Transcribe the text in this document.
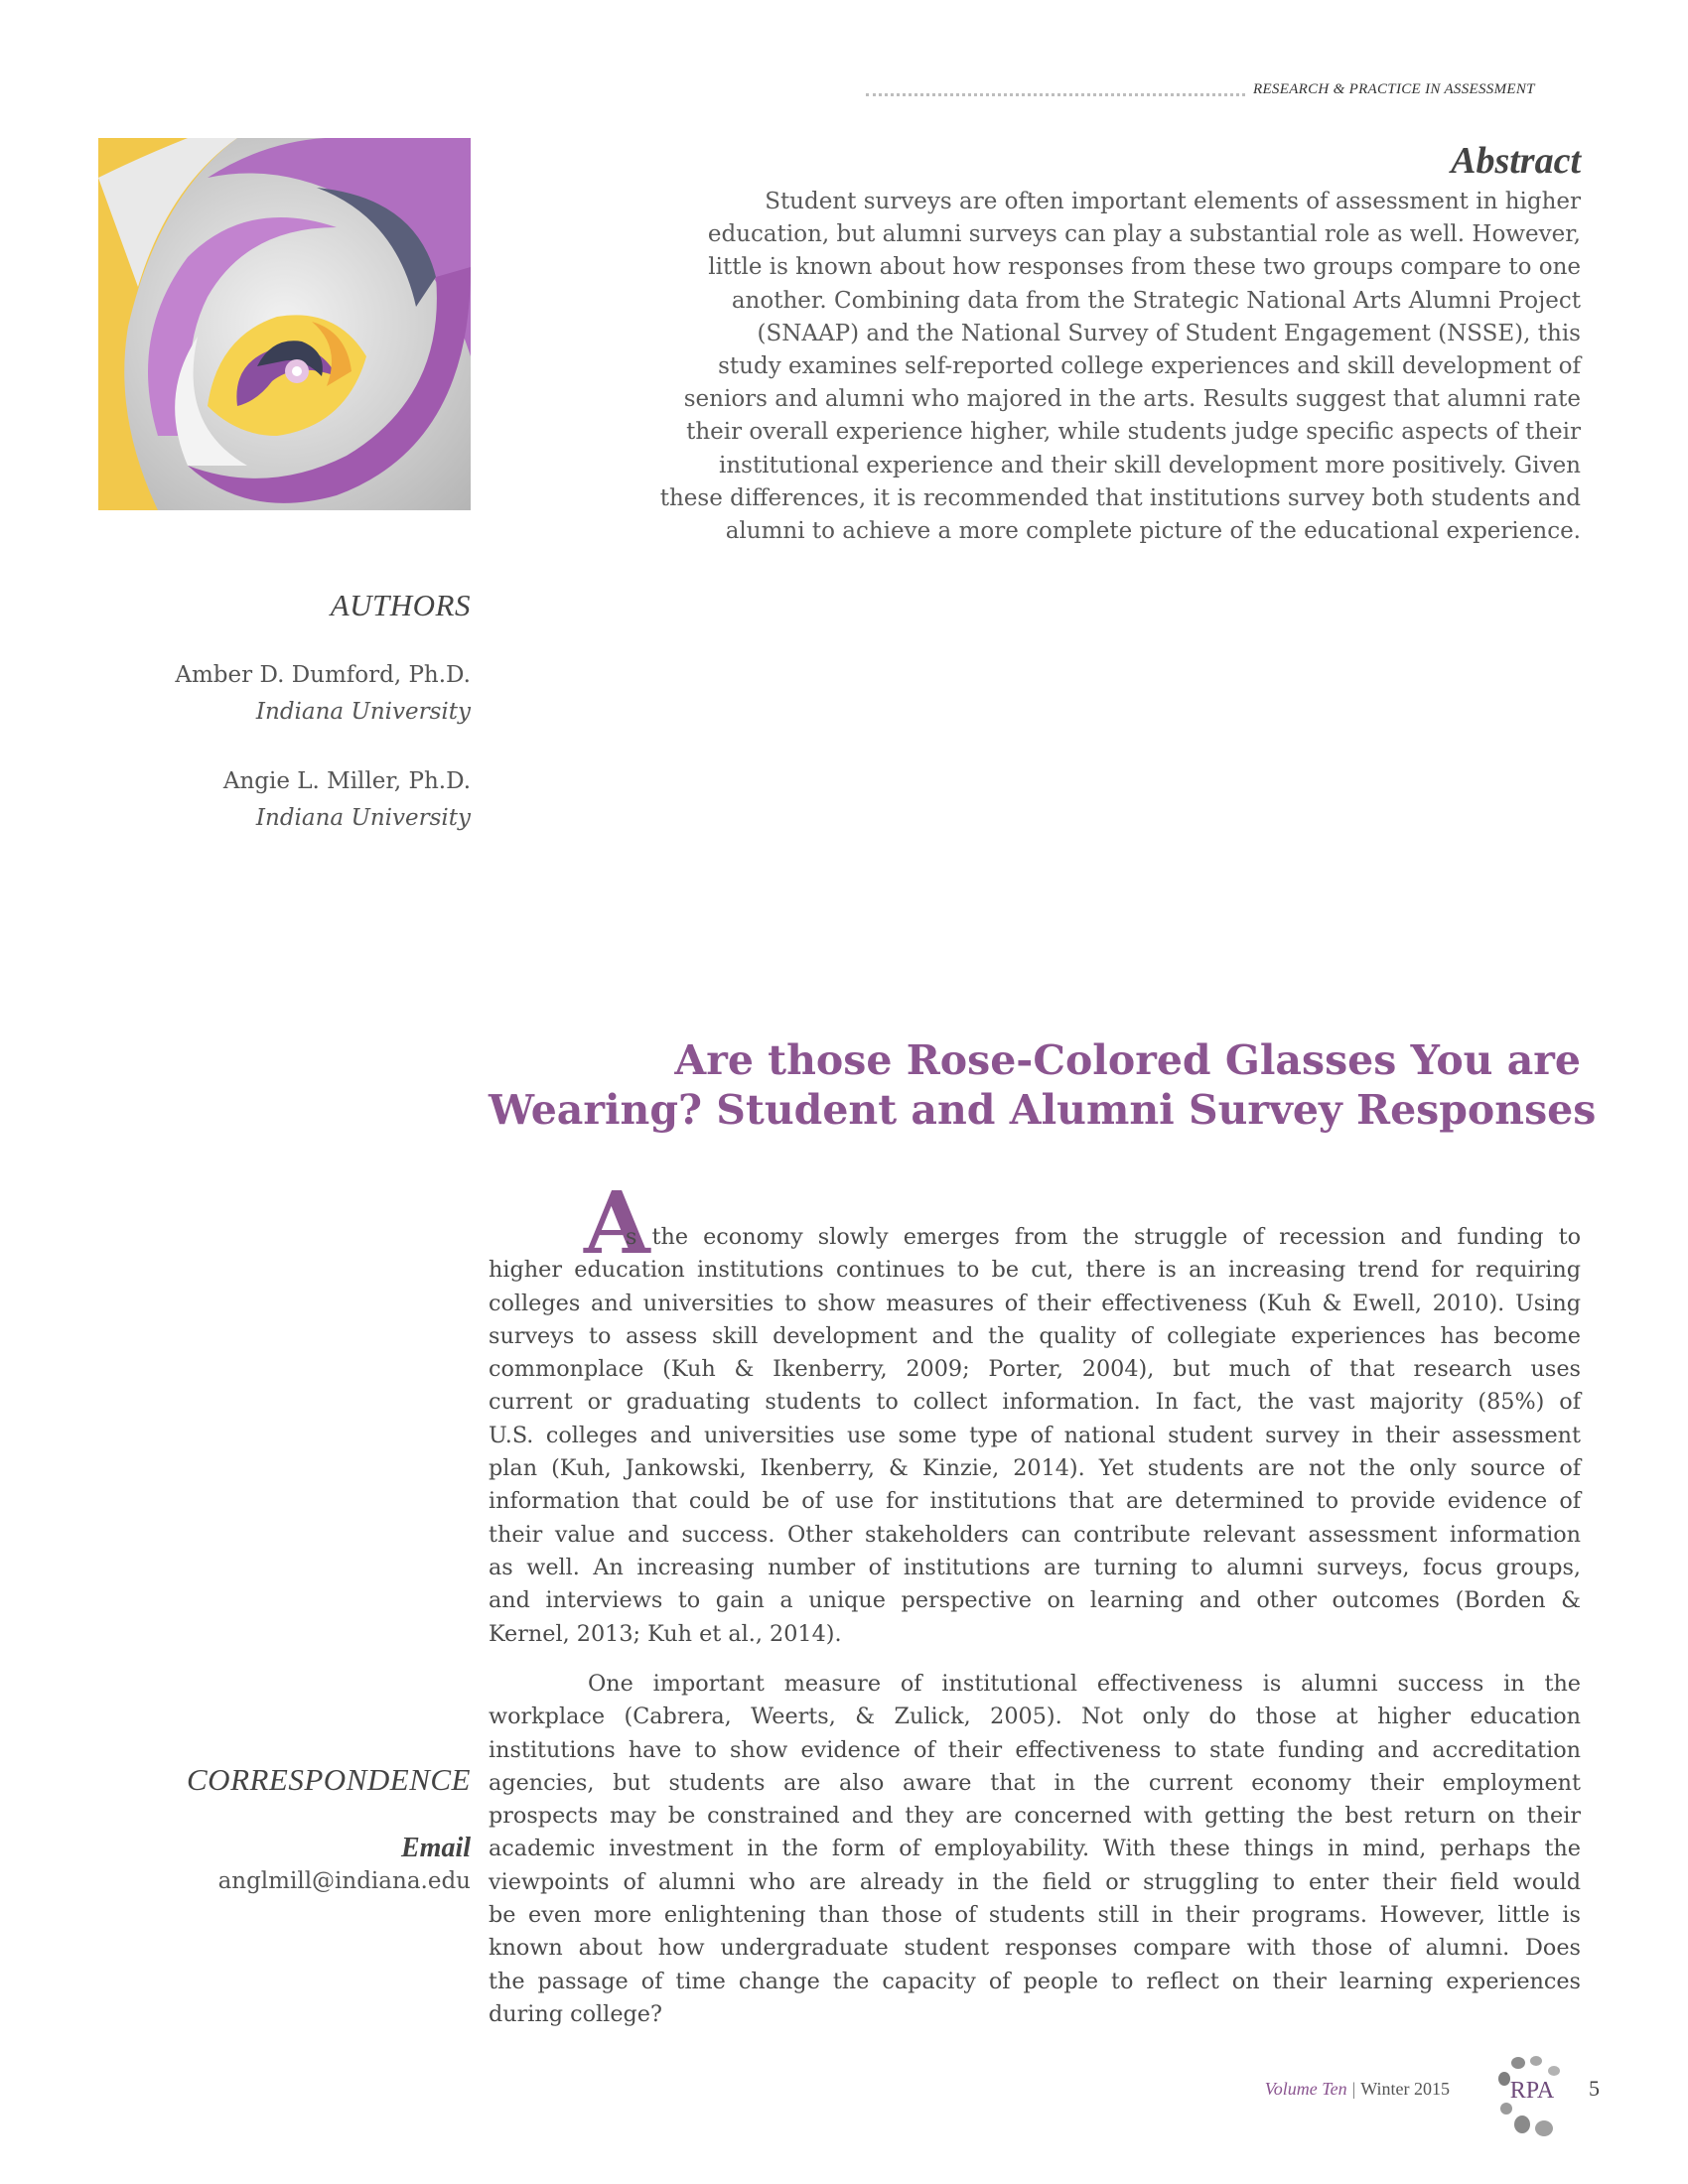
RESEARCH & PRACTICE IN ASSESSMENT
Abstract

Student surveys are often important elements of assessment in higher
education, but alumni surveys can play a substantial role as well. However,
little is known about how responses from these two groups compare to one
another. Combining data from the Strategic National Arts Alumni Project
(SNAAP) and the National Survey of Student Engagement (NSSE), this
study examines self-reported college experiences and skill development of
seniors and alumni who majored in the arts. Results suggest that alumni rate
their overall experience higher, while students judge specific aspects of their
institutional experience and their skill development more positively. Given
these differences, it is recommended that institutions survey both students and
alumni to achieve a more complete picture of the educational experience.

AUTHORS
Amber D. Dumford, Ph.D.
Indiana University
Angie L. Miller, Ph.D.
Indiana University
Are those Rose-Colored Glasses You are
Wearing? Student and Alumni Survey Responses
A

s the economy slowly emerges from the struggle of recession and funding to
higher education institutions continues to be cut, there is an increasing trend for requiring
colleges and universities to show measures of their effectiveness (Kuh & Ewell, 2010). Using
surveys to assess skill development and the quality of collegiate experiences has become
commonplace (Kuh & Ikenberry, 2009; Porter, 2004), but much of that research uses
current or graduating students to collect information. In fact, the vast majority (85%) of
U.S. colleges and universities use some type of national student survey in their assessment
plan (Kuh, Jankowski, Ikenberry, & Kinzie, 2014). Yet students are not the only source of
information that could be of use for institutions that are determined to provide evidence of
their value and success. Other stakeholders can contribute relevant assessment information
as well. An increasing number of institutions are turning to alumni surveys, focus groups,
and interviews to gain a unique perspective on learning and other outcomes (Borden &
Kernel, 2013; Kuh et al., 2014).

One important measure of institutional effectiveness is alumni success in the
workplace (Cabrera, Weerts, & Zulick, 2005). Not only do those at higher education
institutions have to show evidence of their effectiveness to state funding and accreditation
agencies, but students are also aware that in the current economy their employment
prospects may be constrained and they are concerned with getting the best return on their
academic investment in the form of employability. With these things in mind, perhaps the
viewpoints of alumni who are already in the field or struggling to enter their field would
be even more enlightening than those of students still in their programs. However, little is
known about how undergraduate student responses compare with those of alumni. Does
the passage of time change the capacity of people to reflect on their learning experiences
during college?

CORRESPONDENCE
Email
anglmill@indiana.edu
Volume Ten | Winter 2015	RPA 5
